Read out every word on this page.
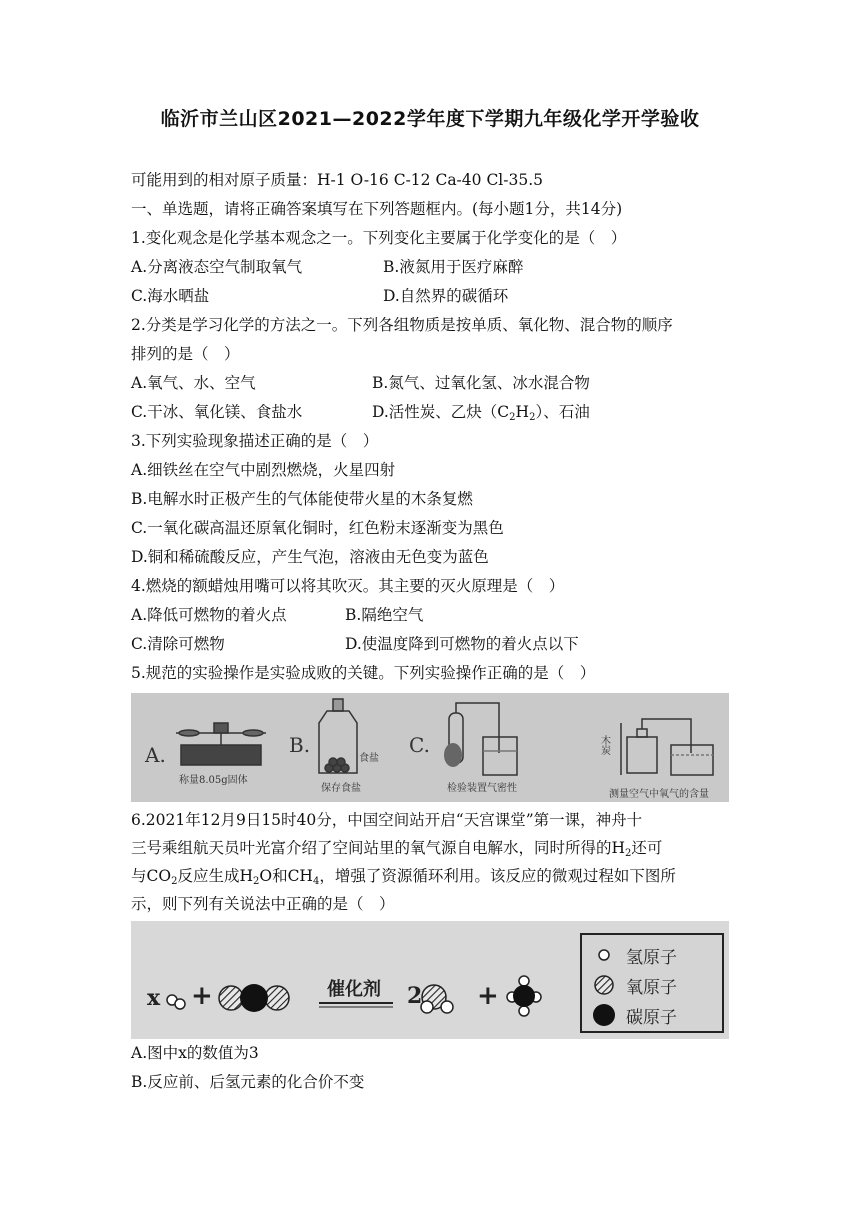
临沂市兰山区2021—2022学年度下学期九年级化学开学验收
可能用到的相对原子质量：H-1 O-16 C-12 Ca-40 Cl-35.5
一、单选题，请将正确答案填写在下列答题框内。(每小题1分，共14分)
1.变化观念是化学基本观念之一。下列变化主要属于化学变化的是（　）
A.分离液态空气制取氧气	B.液氮用于医疗麻醉
C.海水晒盐	D.自然界的碳循环
2.分类是学习化学的方法之一。下列各组物质是按单质、氧化物、混合物的顺序
排列的是（　）
A.氧气、水、空气	B.氮气、过氧化氢、冰水混合物
C.干冰、氧化镁、食盐水	D.活性炭、乙炔$(C_2H_2)$、石油
3.下列实验现象描述正确的是（　）
A.细铁丝在空气中剧烈燃烧，火星四射
B.电解水时正极产生的气体能使带火星的木条复燃
C.一氧化碳高温还原氧化铜时，红色粉末逐渐变为黑色
D.铜和稀硫酸反应，产生气泡，溶液由无色变为蓝色
4.燃烧的额蜡烛用嘴可以将其吹灭。其主要的灭火原理是（　）
A.降低可燃物的着火点	B.隔绝空气
C.清除可燃物	D.使温度降到可燃物的着火点以下
5.规范的实验操作是实验成败的关键。下列实验操作正确的是（　）
A.
称量8.05g固体
B.
食盐
保存食盐
C.
检验装置气密性
木炭
测量空气中氧气的含量
6.2021年12月9日15时40分，中国空间站开启“天宫课堂”第一课，神舟十
三号乘组航天员叶光富介绍了空间站里的氧气源自电解水，同时所得的$H_2$还可
与$CO_2$反应生成$H_2O$和$CH_4$，增强了资源循环利用。该反应的微观过程如下图所
示，则下列有关说法中正确的是（　）
x +	催化剂 2 +
氢原子
氧原子
碳原子
A.图中x的数值为3
B.反应前、后氢元素的化合价不变
